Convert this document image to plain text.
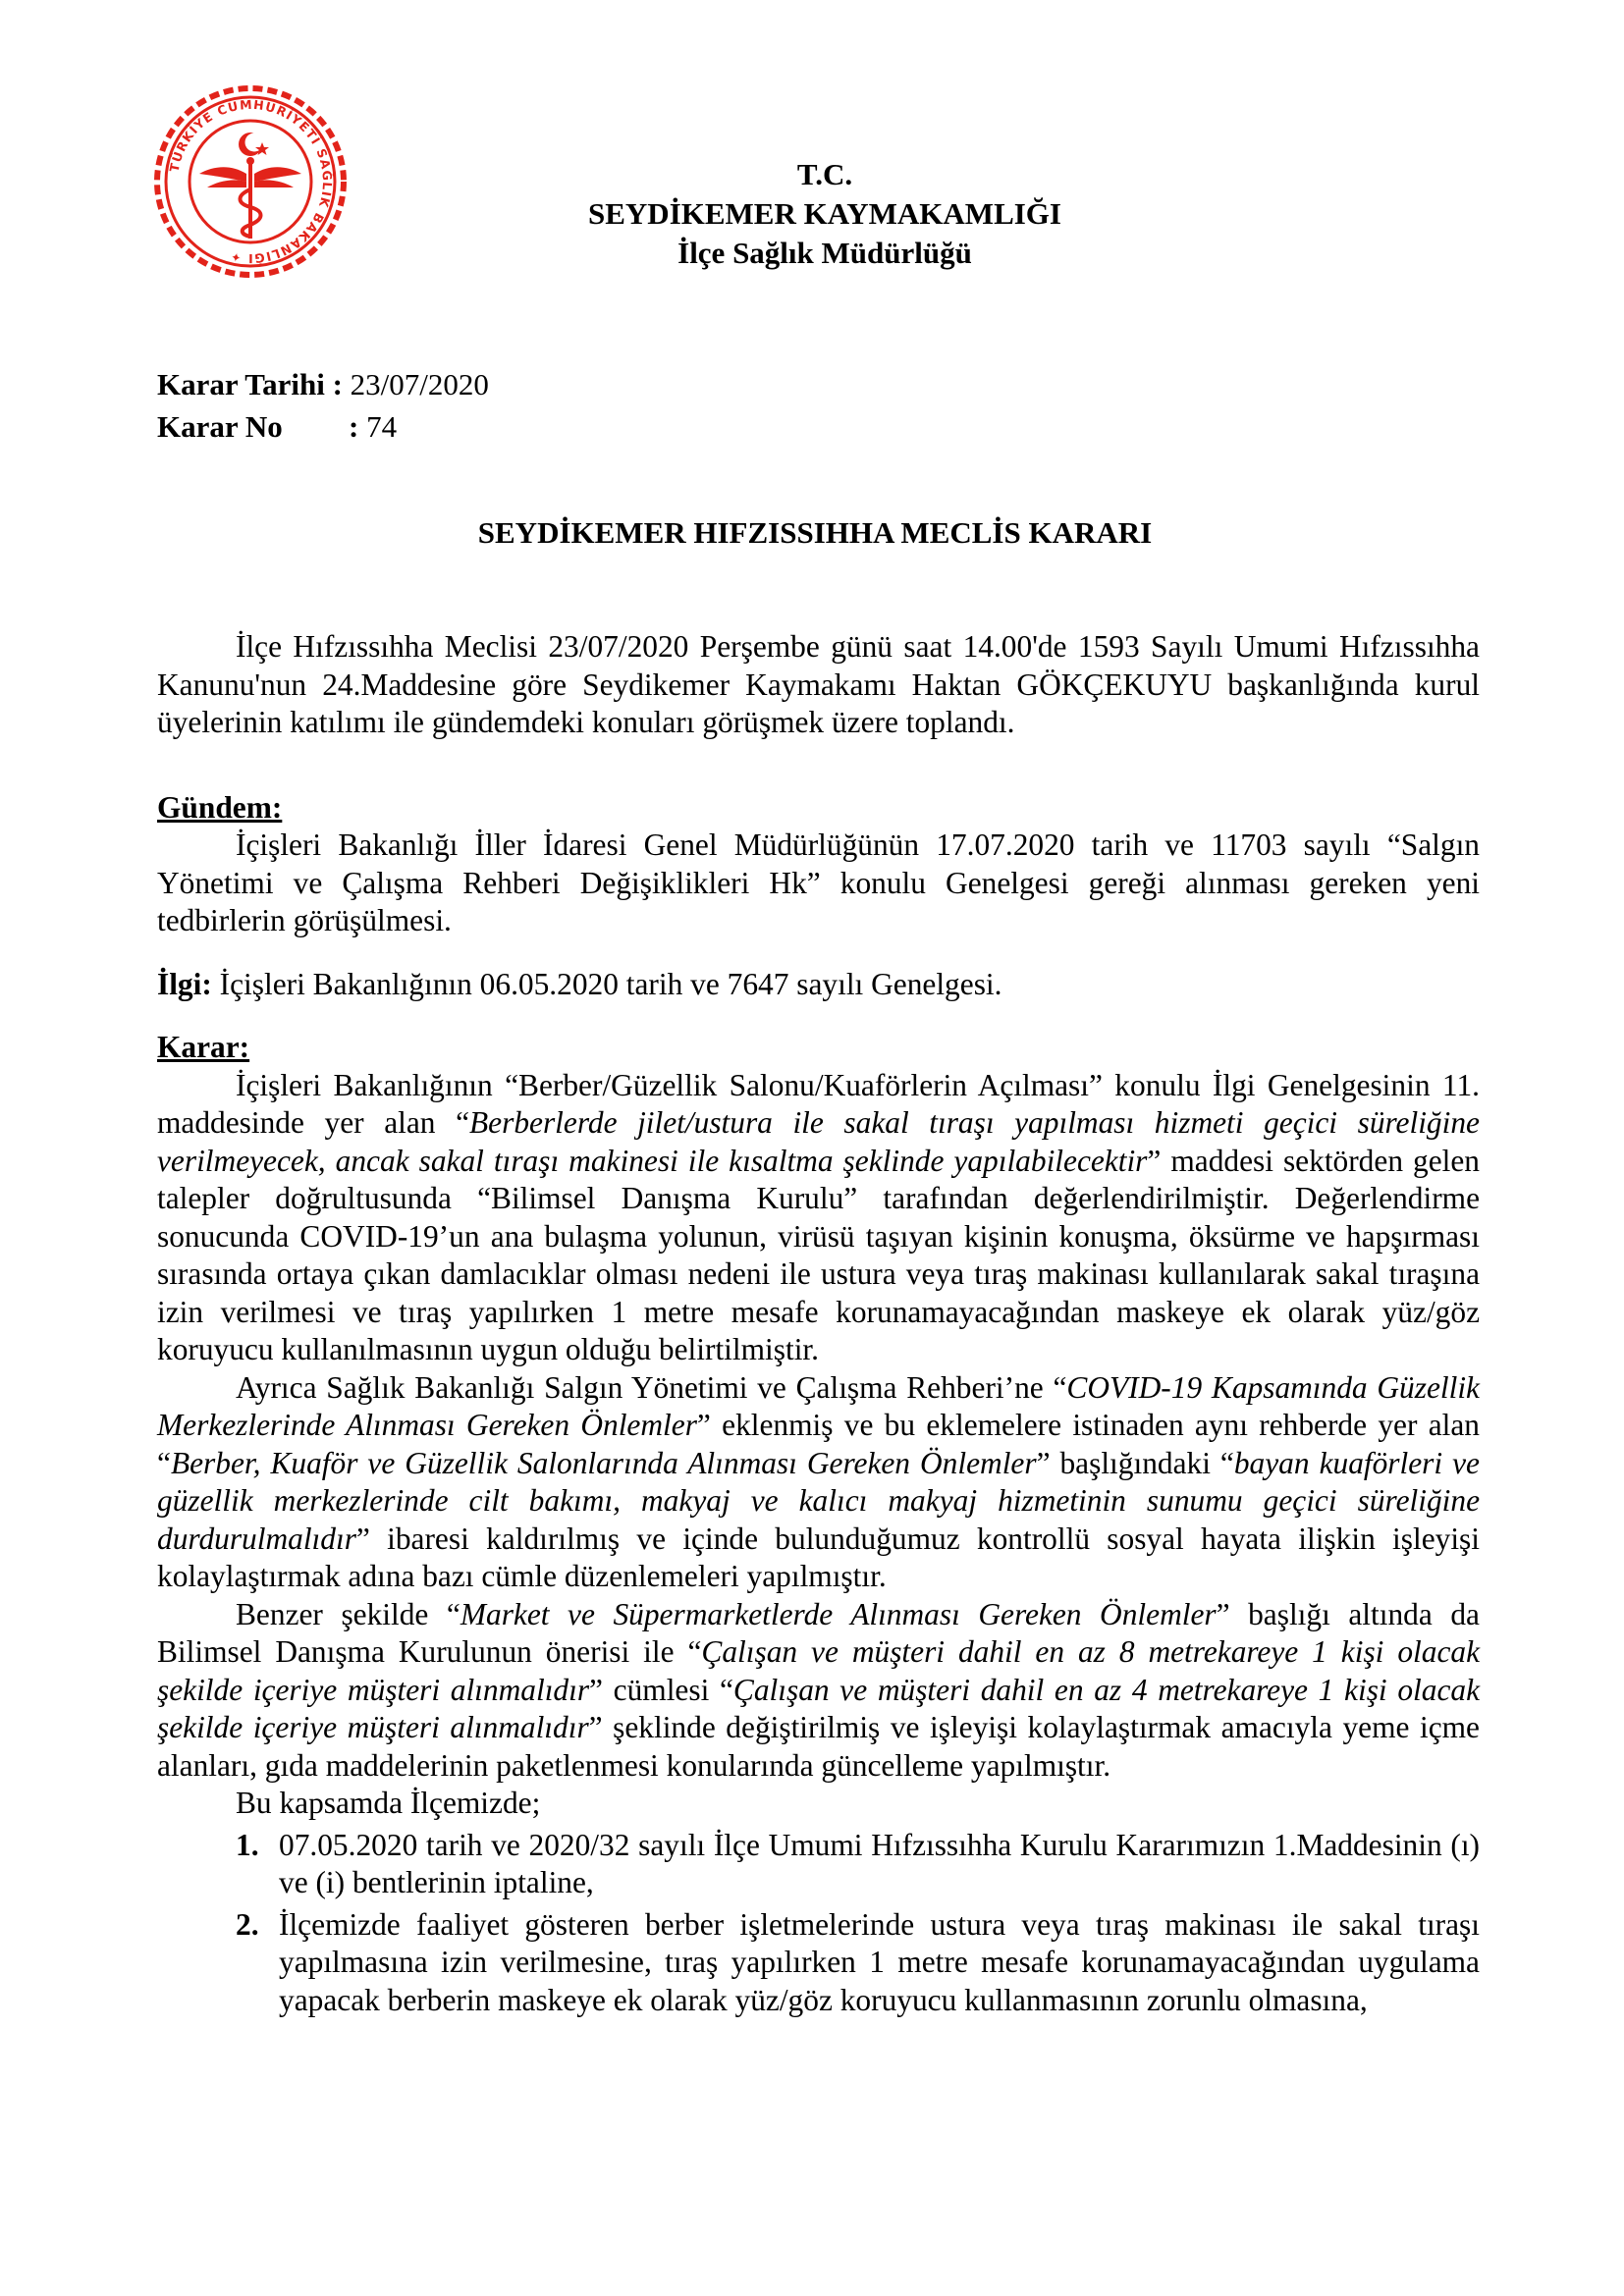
TÜRKİYE CUMHURİYETİ SAĞLIK BAKANLIĞI ✦
T.C.
SEYDİKEMER KAYMAKAMLIĞI
İlçe Sağlık Müdürlüğü
Karar Tarihi : 23/07/2020
Karar No : 74
SEYDİKEMER HIFZISSIHHA MECLİS KARARI

İlçe Hıfzıssıhha Meclisi 23/07/2020 Perşembe günü saat 14.00'de 1593 Sayılı Umumi Hıfzıssıhha Kanunu'nun 24.Maddesine göre Seydikemer Kaymakamı Haktan GÖKÇEKUYU başkanlığında kurul üyelerinin katılımı ile gündemdeki konuları görüşmek üzere toplandı.

Gündem:

İçişleri Bakanlığı İller İdaresi Genel Müdürlüğünün 17.07.2020 tarih ve 11703 sayılı “Salgın Yönetimi ve Çalışma Rehberi Değişiklikleri Hk” konulu Genelgesi gereği alınması gereken yeni tedbirlerin görüşülmesi.

İlgi: İçişleri Bakanlığının 06.05.2020 tarih ve 7647 sayılı Genelgesi.

Karar:

İçişleri Bakanlığının “Berber/Güzellik Salonu/Kuaförlerin Açılması” konulu İlgi Genelgesinin 11. maddesinde yer alan “Berberlerde jilet/ustura ile sakal tıraşı yapılması hizmeti geçici süreliğine verilmeyecek, ancak sakal tıraşı makinesi ile kısaltma şeklinde yapılabilecektir” maddesi sektörden gelen talepler doğrultusunda “Bilimsel Danışma Kurulu” tarafından değerlendirilmiştir. Değerlendirme sonucunda COVID-19’un ana bulaşma yolunun, virüsü taşıyan kişinin konuşma, öksürme ve hapşırması sırasında ortaya çıkan damlacıklar olması nedeni ile ustura veya tıraş makinası kullanılarak sakal tıraşına izin verilmesi ve tıraş yapılırken 1 metre mesafe korunamayacağından maskeye ek olarak yüz/göz koruyucu kullanılmasının uygun olduğu belirtilmiştir.

Ayrıca Sağlık Bakanlığı Salgın Yönetimi ve Çalışma Rehberi’ne “COVID-19 Kapsamında Güzellik Merkezlerinde Alınması Gereken Önlemler” eklenmiş ve bu eklemelere istinaden aynı rehberde yer alan “Berber, Kuaför ve Güzellik Salonlarında Alınması Gereken Önlemler” başlığındaki “bayan kuaförleri ve güzellik merkezlerinde cilt bakımı, makyaj ve kalıcı makyaj hizmetinin sunumu geçici süreliğine durdurulmalıdır” ibaresi kaldırılmış ve içinde bulunduğumuz kontrollü sosyal hayata ilişkin işleyişi kolaylaştırmak adına bazı cümle düzenlemeleri yapılmıştır.

Benzer şekilde “Market ve Süpermarketlerde Alınması Gereken Önlemler” başlığı altında da Bilimsel Danışma Kurulunun önerisi ile “Çalışan ve müşteri dahil en az 8 metrekareye 1 kişi olacak şekilde içeriye müşteri alınmalıdır” cümlesi “Çalışan ve müşteri dahil en az 4 metrekareye 1 kişi olacak şekilde içeriye müşteri alınmalıdır” şeklinde değiştirilmiş ve işleyişi kolaylaştırmak amacıyla yeme içme alanları, gıda maddelerinin paketlenmesi konularında güncelleme yapılmıştır.

Bu kapsamda İlçemizde;

1. 07.05.2020 tarih ve 2020/32 sayılı İlçe Umumi Hıfzıssıhha Kurulu Kararımızın 1.Maddesinin (ı) ve (i) bentlerinin iptaline,
2. İlçemizde faaliyet gösteren berber işletmelerinde ustura veya tıraş makinası ile sakal tıraşı yapılmasına izin verilmesine, tıraş yapılırken 1 metre mesafe korunamayacağından uygulama yapacak berberin maskeye ek olarak yüz/göz koruyucu kullanmasının zorunlu olmasına,
